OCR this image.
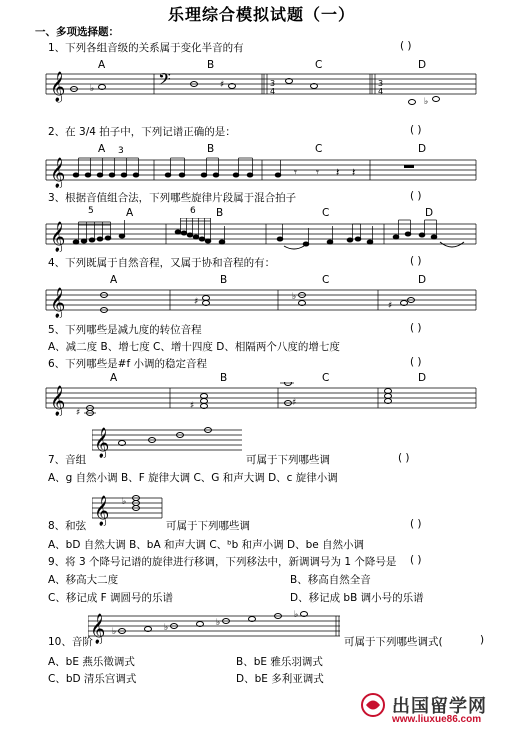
乐理综合模拟试题（一）
一、多项选择题：
1、下列各组音级的关系属于变化半音的有	( )
A	B	C	D
𝄞	♭	𝄢	♯	3
4
3
4
♭
2、在 3/4 拍子中，下列记谱正确的是：	( )
A	B	C	D
3
𝄞	𝄾 𝄾 𝄽 𝄽
3、根据音值组合法，下列哪些旋律片段属于混合拍子	( )
5	6
A	B	C	D
𝄞
4、下列既属于自然音程，又属于协和音程的有：	( )
A	B	C	D
𝄞	♯	♭
♯
5、下列哪些是减九度的转位音程	( )
A、减二度 B、增七度 C、增十四度 D、相隔两个八度的增七度
6、下列哪些是#f 小调的稳定音程	( )
A	B	C	D
𝄞 ♯
♯	♯
𝄞
7、音组	可属于下列哪些调	( )
A、g 自然小调 B、F 旋律大调 C、G 和声大调 D、c 旋律小调
𝄞 ♭
8、和弦	可属于下列哪些调	( )
A、bD 自然大调 B、bA 和声大调 C、ᵇb 和声小调 D、be 自然小调
9、将 3 个降号记谱的旋律进行移调，下列移法中，新调调号为 1 个降号是 ( )
A、移高大二度	B、移高自然全音
C、移记成 F 调圆号的乐谱	D、移记成 bB 调小号的乐谱
𝄞 ♭	♭	♭
♭
10、音阶	可属于下列哪些调式(	)
A、bE 燕乐徵调式	B、bE 雅乐羽调式
C、bD 清乐宫调式	D、bE 多利亚调式
出国留学网
www.liuxue86.com
